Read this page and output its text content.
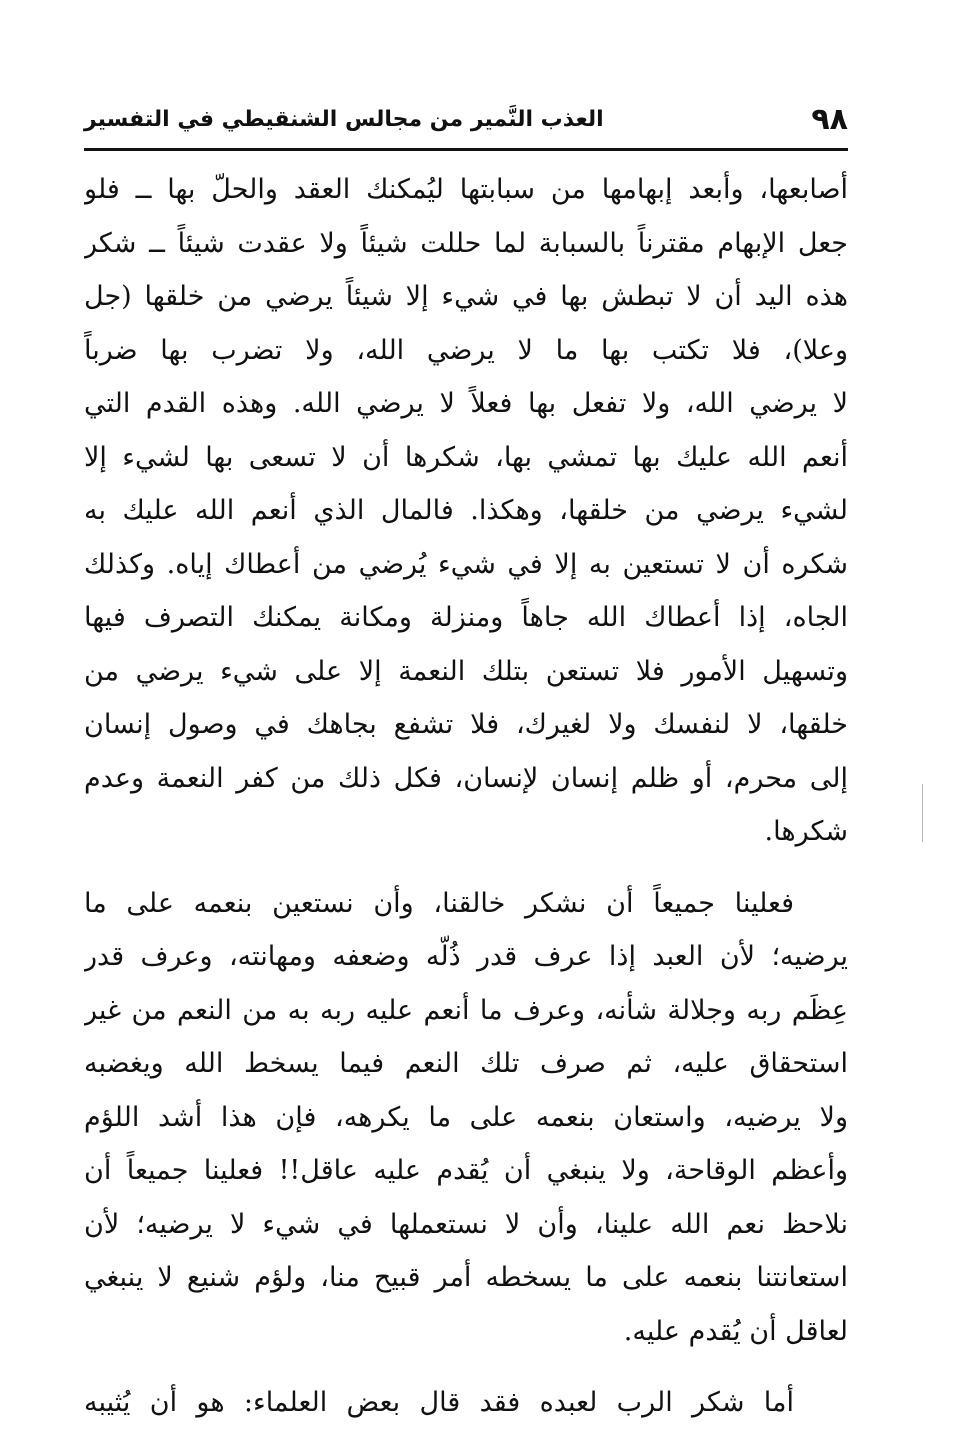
٩٨
العذب النَّمير من مجالس الشنقيطي في التفسير

أصابعها، وأبعد إبهامها من سبابتها ليُمكنك العقد والحلّ بها ــ فلو
جعل الإبهام مقترناً بالسبابة لما حللت شيئاً ولا عقدت شيئاً ــ شكر
هذه اليد أن لا تبطش بها في شيء إلا شيئاً يرضي من خلقها (جل
وعلا)، فلا تكتب بها ما لا يرضي الله، ولا تضرب بها ضرباً
لا يرضي الله، ولا تفعل بها فعلاً لا يرضي الله. وهذه القدم التي
أنعم الله عليك بها تمشي بها، شكرها أن لا تسعى بها لشيء إلا
لشيء يرضي من خلقها، وهكذا. فالمال الذي أنعم الله عليك به
شكره أن لا تستعين به إلا في شيء يُرضي من أعطاك إياه. وكذلك
الجاه، إذا أعطاك الله جاهاً ومنزلة ومكانة يمكنك التصرف فيها
وتسهيل الأمور فلا تستعن بتلك النعمة إلا على شيء يرضي من
خلقها، لا لنفسك ولا لغيرك، فلا تشفع بجاهك في وصول إنسان
إلى محرم، أو ظلم إنسان لإنسان، فكل ذلك من كفر النعمة وعدم
شكرها.

فعلينا جميعاً أن نشكر خالقنا، وأن نستعين بنعمه على ما
يرضيه؛ لأن العبد إذا عرف قدر ذُلّه وضعفه ومهانته، وعرف قدر
عِظَم ربه وجلالة شأنه، وعرف ما أنعم عليه ربه به من النعم من غير
استحقاق عليه، ثم صرف تلك النعم فيما يسخط الله ويغضبه
ولا يرضيه، واستعان بنعمه على ما يكرهه، فإن هذا أشد اللؤم
وأعظم الوقاحة، ولا ينبغي أن يُقدم عليه عاقل!! فعلينا جميعاً أن
نلاحظ نعم الله علينا، وأن لا نستعملها في شيء لا يرضيه؛ لأن
استعانتنا بنعمه على ما يسخطه أمر قبيح منا، ولؤم شنيع لا ينبغي
لعاقل أن يُقدم عليه.

أما شكر الرب لعبده فقد قال بعض العلماء: هو أن يُثيبه
